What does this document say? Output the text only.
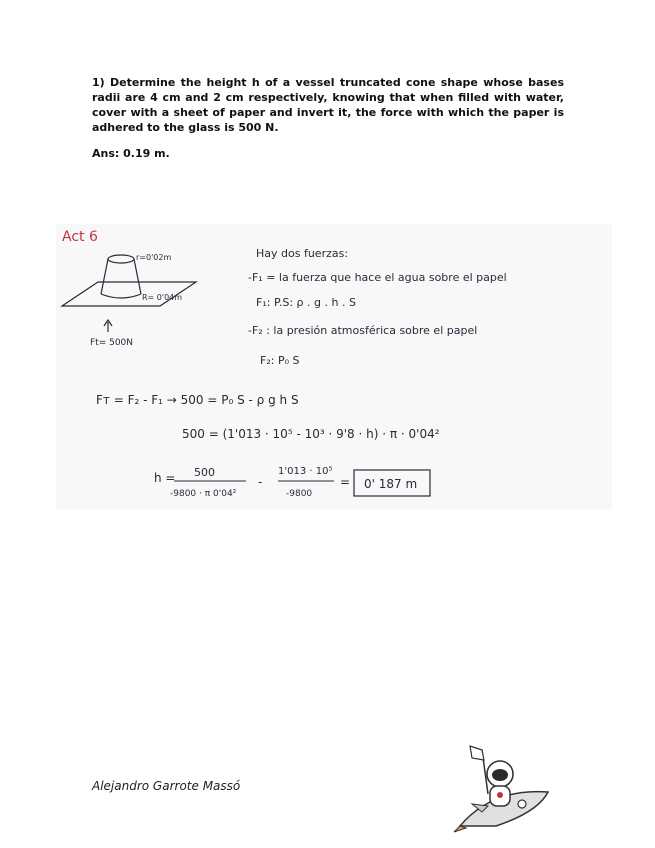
1) Determine the height h of a vessel truncated cone shape whose bases radii are 4 cm and 2 cm respectively, knowing that when filled with water, cover with a sheet of paper and invert it, the force with which the paper is adhered to the glass is 500 N.

Ans: 0.19 m.

Act 6
r=0'02m
R= 0'04m
Ft= 500N
Hay dos fuerzas:
-F₁ = la fuerza que hace el agua sobre el papel
F₁: P.S: ρ . g . h . S
-F₂ : la presión atmosférica sobre el papel
F₂: P₀ S
Fт = F₂ - F₁ → 500 = P₀ S - ρ g h S
500 = (1'013 · 10⁵ - 10³ · 9'8 · h) · π · 0'04²
h = 500
-9800 · π 0'04²
-
1'013 · 10⁵
-9800
= 0' 187 m
Alejandro Garrote Massó
